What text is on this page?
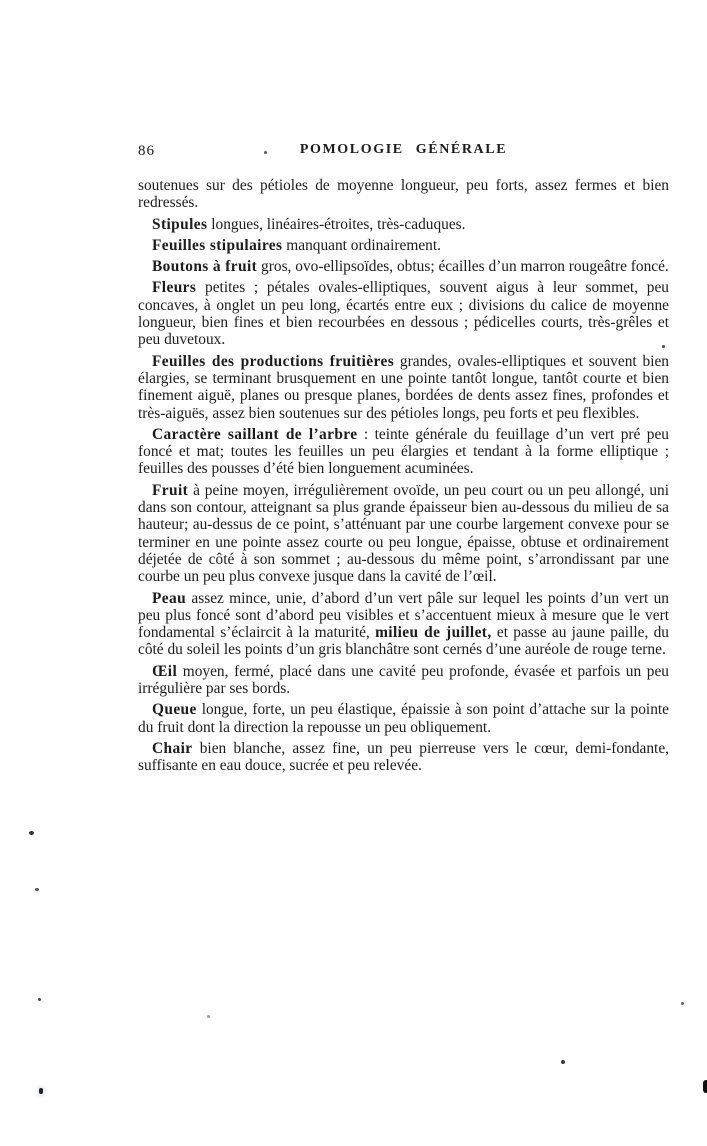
86	POMOLOGIE GÉNÉRALE

soutenues sur des pétioles de moyenne longueur, peu forts, assez fermes et bien redressés.

Stipules longues, linéaires-étroites, très-caduques.

Feuilles stipulaires manquant ordinairement.

Boutons à fruit gros, ovo-ellipsoïdes, obtus; écailles d’un marron rougeâtre foncé.

Fleurs petites ; pétales ovales-elliptiques, souvent aigus à leur sommet, peu concaves, à onglet un peu long, écartés entre eux ; divisions du calice de moyenne longueur, bien fines et bien recourbées en dessous ; pédicelles courts, très-grêles et peu duvetoux.

Feuilles des productions fruitières grandes, ovales-elliptiques et souvent bien élargies, se terminant brusquement en une pointe tantôt longue, tantôt courte et bien finement aiguë, planes ou presque planes, bordées de dents assez fines, profondes et très-aiguës, assez bien soutenues sur des pétioles longs, peu forts et peu flexibles.

Caractère saillant de l’arbre : teinte générale du feuillage d’un vert pré peu foncé et mat; toutes les feuilles un peu élargies et tendant à la forme elliptique ; feuilles des pousses d’été bien longuement acuminées.

Fruit à peine moyen, irrégulièrement ovoïde, un peu court ou un peu allongé, uni dans son contour, atteignant sa plus grande épaisseur bien au-dessous du milieu de sa hauteur; au-dessus de ce point, s’atténuant par une courbe largement convexe pour se terminer en une pointe assez courte ou peu longue, épaisse, obtuse et ordinairement déjetée de côté à son sommet ; au-dessous du même point, s’arrondissant par une courbe un peu plus convexe jusque dans la cavité de l’œil.

Peau assez mince, unie, d’abord d’un vert pâle sur lequel les points d’un vert un peu plus foncé sont d’abord peu visibles et s’accentuent mieux à mesure que le vert fondamental s’éclaircit à la maturité, milieu de juillet, et passe au jaune paille, du côté du soleil les points d’un gris blanchâtre sont cernés d’une auréole de rouge terne.

Œil moyen, fermé, placé dans une cavité peu profonde, évasée et parfois un peu irrégulière par ses bords.

Queue longue, forte, un peu élastique, épaissie à son point d’attache sur la pointe du fruit dont la direction la repousse un peu obliquement.

Chair bien blanche, assez fine, un peu pierreuse vers le cœur, demi-fondante, suffisante en eau douce, sucrée et peu relevée.
